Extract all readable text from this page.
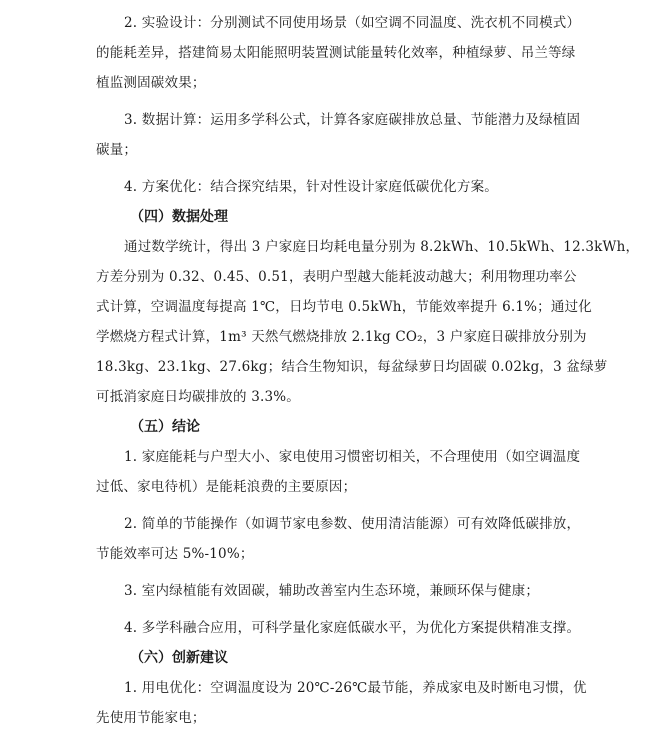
2. 实验设计：分别测试不同使用场景（如空调不同温度、洗衣机不同模式）
的能耗差异，搭建简易太阳能照明装置测试能量转化效率，种植绿萝、吊兰等绿
植监测固碳效果；

3. 数据计算：运用多学科公式，计算各家庭碳排放总量、节能潜力及绿植固
碳量；

4. 方案优化：结合探究结果，针对性设计家庭低碳优化方案。

（四）数据处理

通过数学统计，得出 3 户家庭日均耗电量分别为 8.2kWh、10.5kWh、12.3kWh，
方差分别为 0.32、0.45、0.51，表明户型越大能耗波动越大；利用物理功率公
式计算，空调温度每提高 1℃，日均节电 0.5kWh，节能效率提升 6.1%；通过化
学燃烧方程式计算，1m³ 天然气燃烧排放 2.1kg CO₂，3 户家庭日碳排放分别为
18.3kg、23.1kg、27.6kg；结合生物知识，每盆绿萝日均固碳 0.02kg，3 盆绿萝
可抵消家庭日均碳排放的 3.3%。

（五）结论

1. 家庭能耗与户型大小、家电使用习惯密切相关，不合理使用（如空调温度
过低、家电待机）是能耗浪费的主要原因；

2. 简单的节能操作（如调节家电参数、使用清洁能源）可有效降低碳排放，
节能效率可达 5%-10%；

3. 室内绿植能有效固碳，辅助改善室内生态环境，兼顾环保与健康；

4. 多学科融合应用，可科学量化家庭低碳水平，为优化方案提供精准支撑。

（六）创新建议

1. 用电优化：空调温度设为 20℃-26℃最节能，养成家电及时断电习惯，优
先使用节能家电；
